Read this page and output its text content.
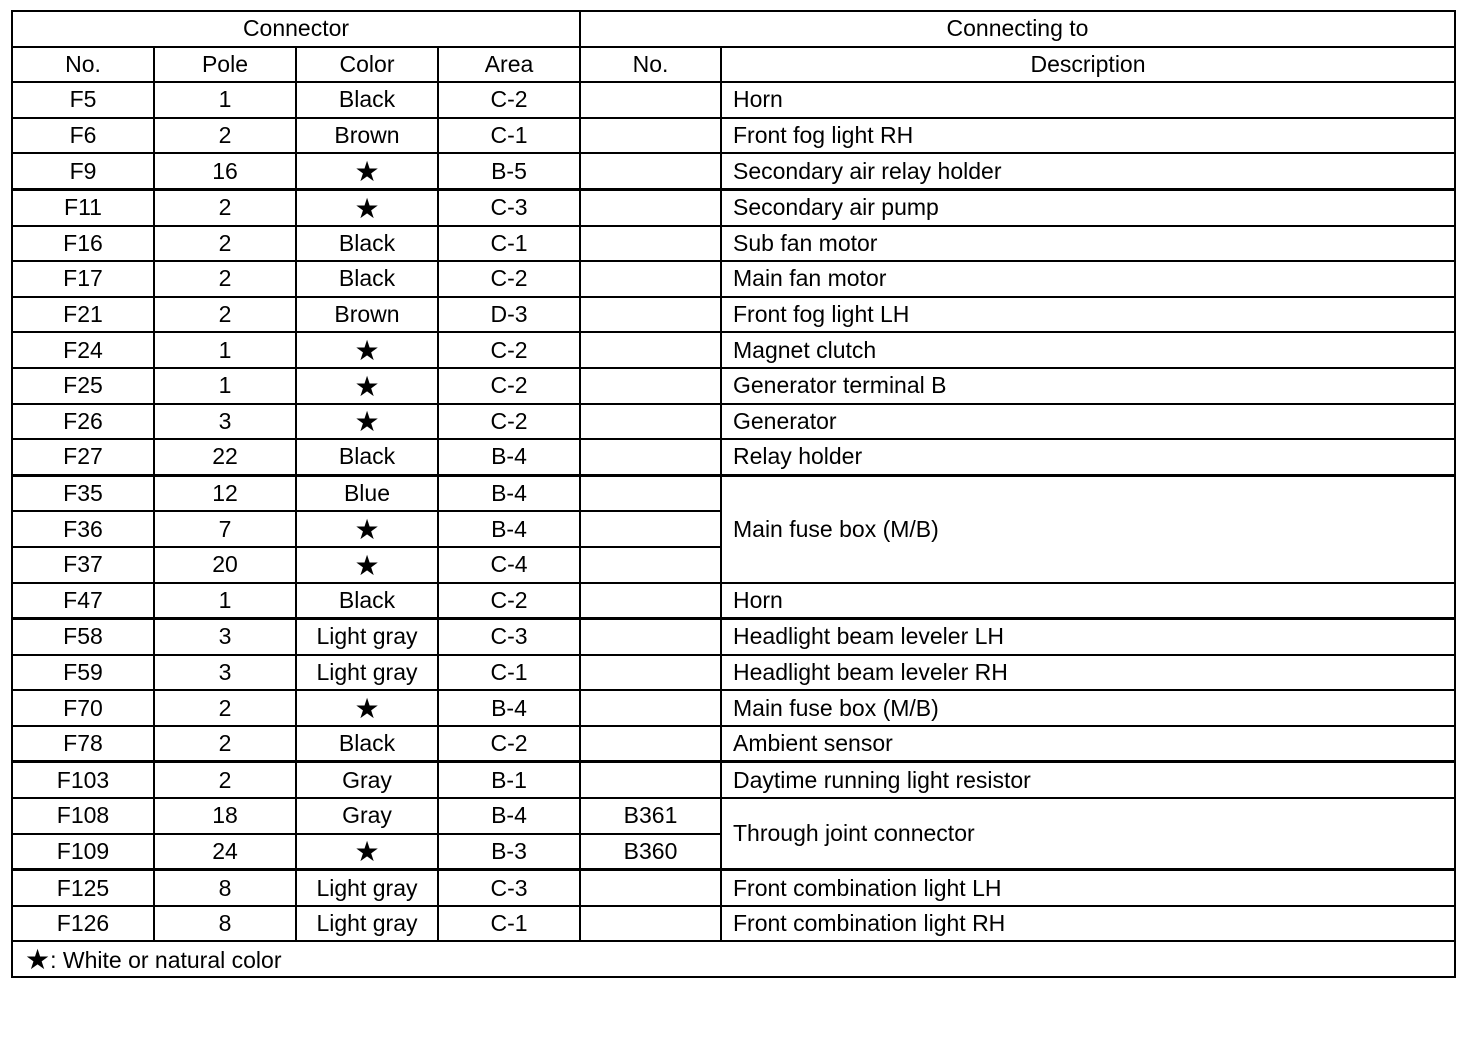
Connector				Connecting to	
No.	Pole	Color	Area	No.	Description
F5	1	Black	C-2		Horn
F6	2	Brown	C-1		Front fog light RH
F9	16	★	B-5		Secondary air relay holder
F11	2	★	C-3		Secondary air pump
F16	2	Black	C-1		Sub fan motor
F17	2	Black	C-2		Main fan motor
F21	2	Brown	D-3		Front fog light LH
F24	1	★	C-2		Magnet clutch
F25	1	★	C-2		Generator terminal B
F26	3	★	C-2		Generator
F27	22	Black	B-4		Relay holder
F35	12	Blue	B-4		Main fuse box (M/B)
F36	7	★	B-4		
F37	20	★	C-4		
F47	1	Black	C-2		Horn
F58	3	Light gray	C-3		Headlight beam leveler LH
F59	3	Light gray	C-1		Headlight beam leveler RH
F70	2	★	B-4		Main fuse box (M/B)
F78	2	Black	C-2		Ambient sensor
F103	2	Gray	B-1		Daytime running light resistor
F108	18	Gray	B-4	B361	Through joint connector
F109	24	★	B-3	B360	
F125	8	Light gray	C-3		Front combination light LH
F126	8	Light gray	C-1		Front combination light RH
★: White or natural color					
